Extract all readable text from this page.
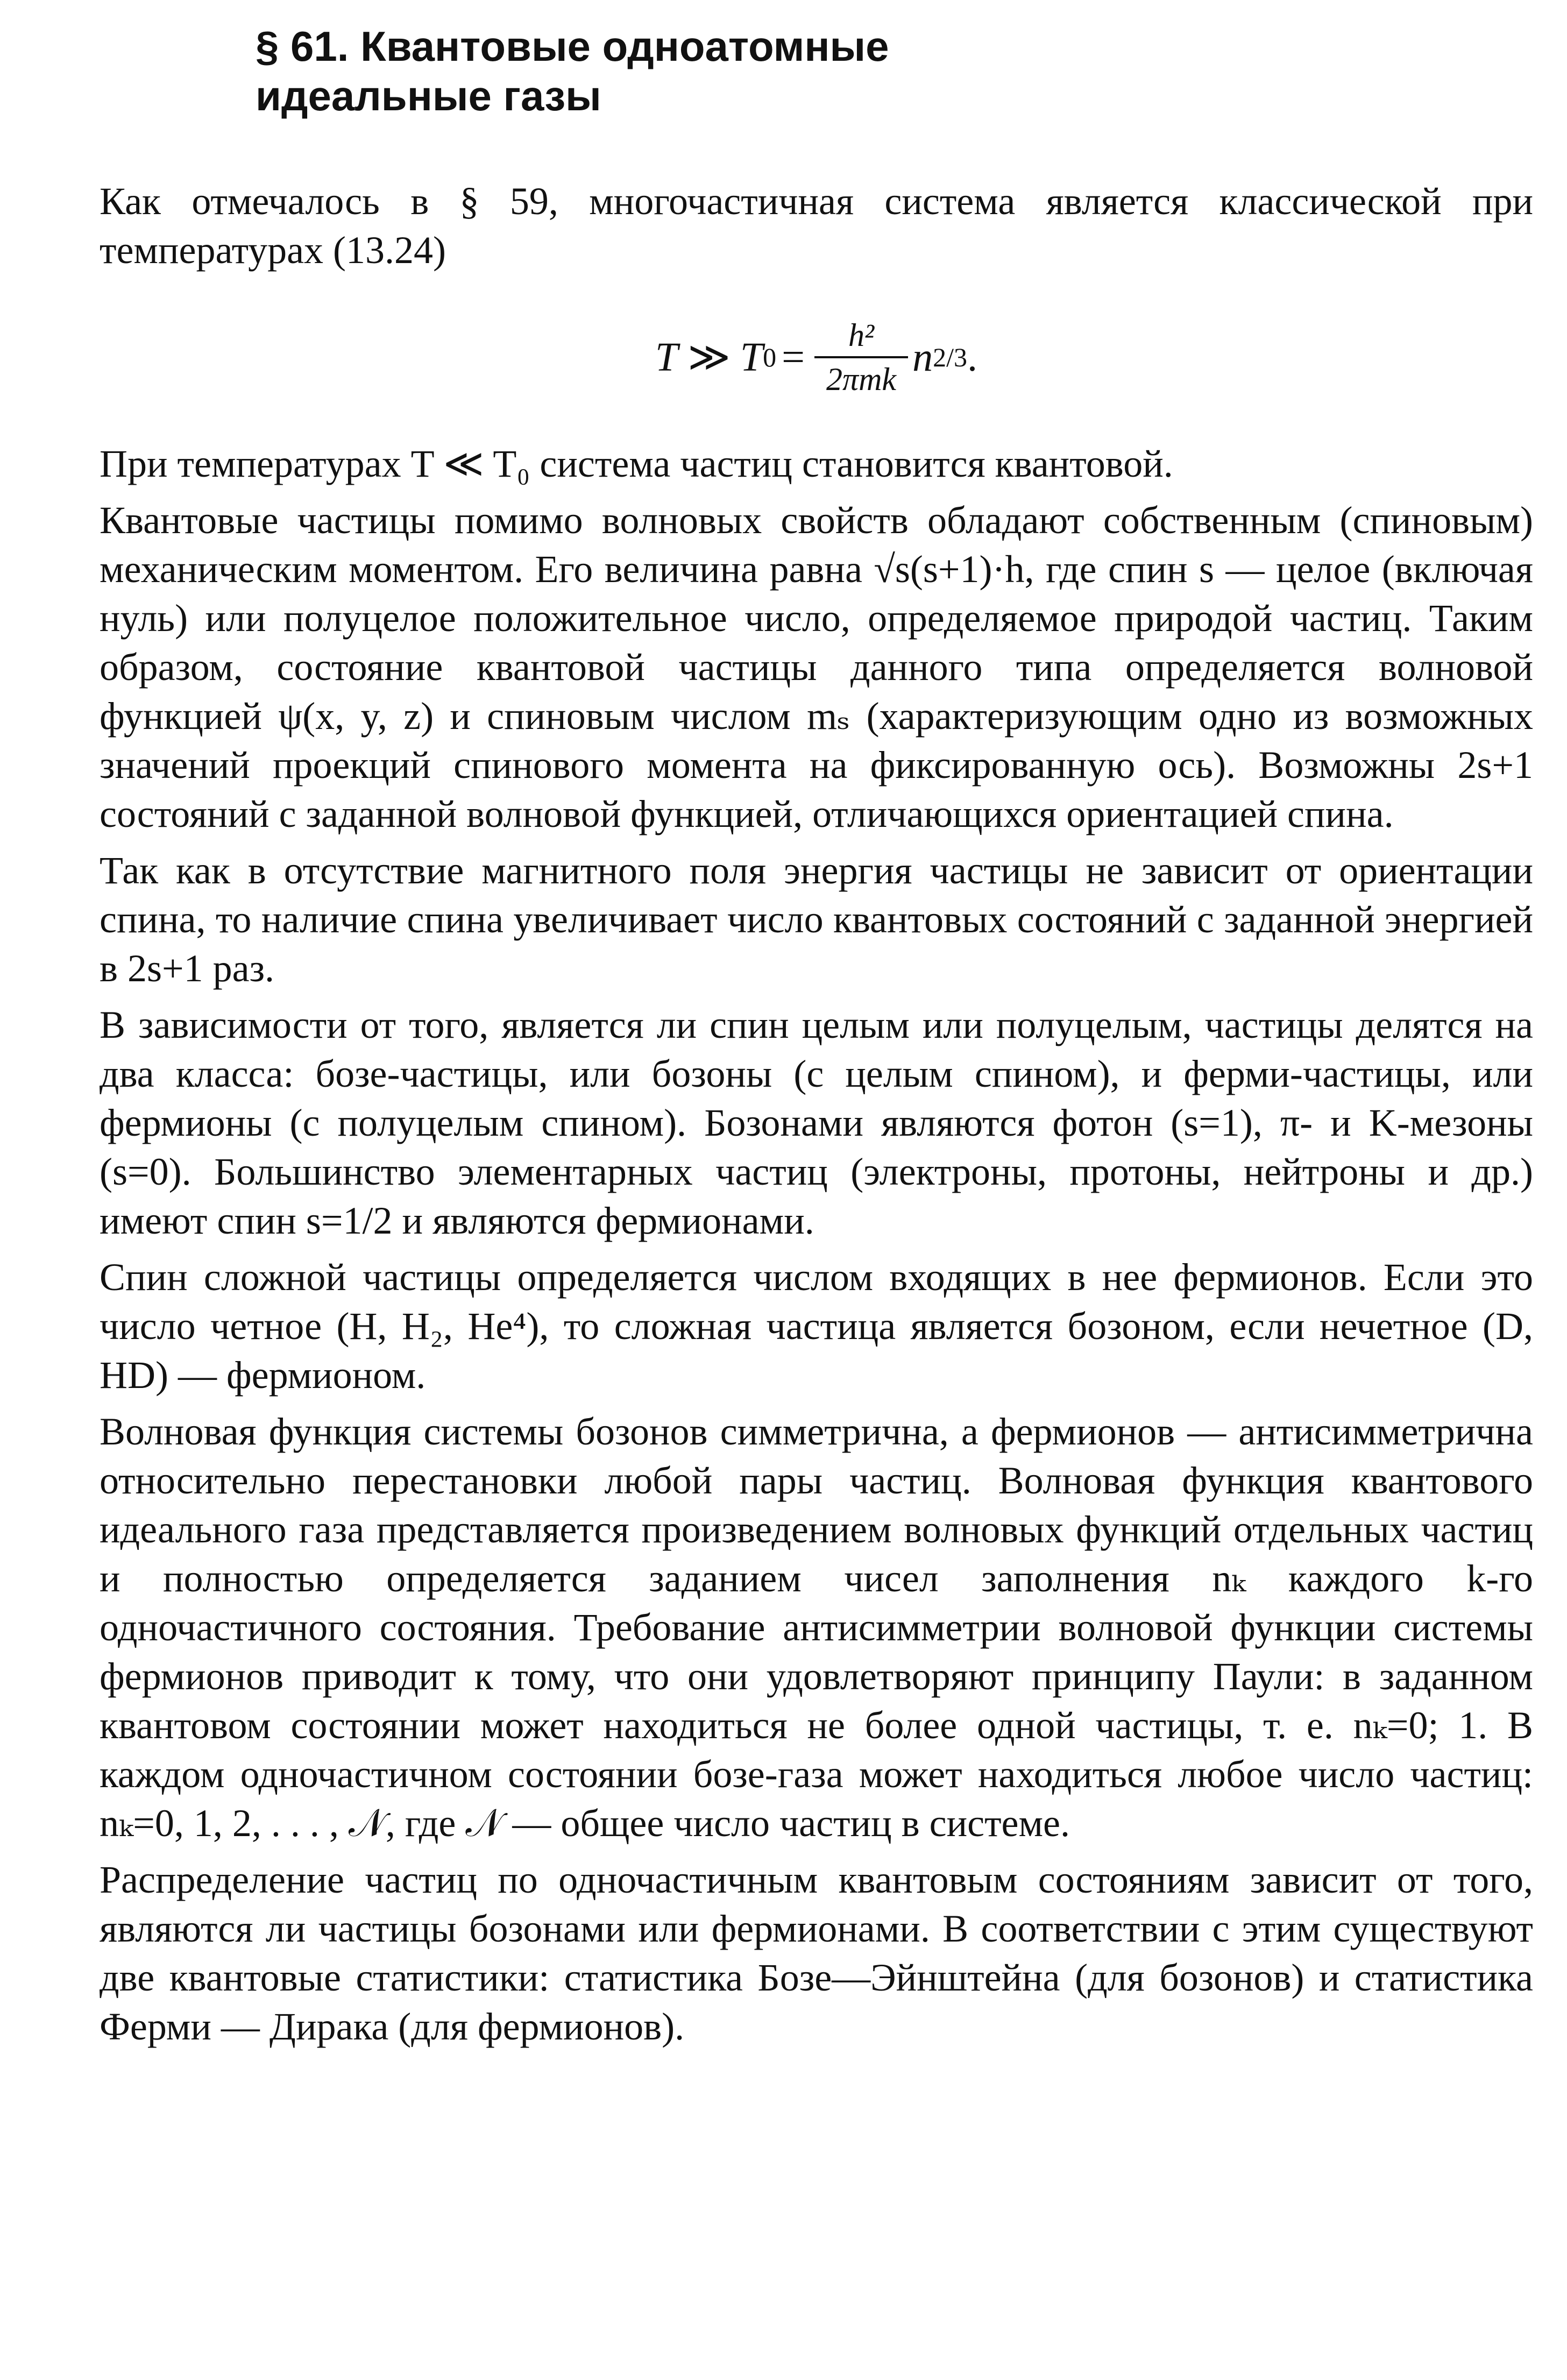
§ 61. Квантовые одноатомные
идеальные газы

Как отмечалось в § 59, многочастичная система является классической при температурах (13.24)

T ≫ T $0 = \frac{\text{h²}}{\text{2πmk}}$ n 2/3 .

При температурах T ≪ T₀ система частиц становится квантовой.

Квантовые частицы помимо волновых свойств обладают собственным (спиновым) механическим моментом. Его величина равна √s(s+1)·h, где спин s — целое (включая нуль) или полуцелое положительное число, определяемое природой частиц. Таким образом, состояние квантовой частицы данного типа определяется волновой функцией ψ(x, y, z) и спиновым числом mₛ (характеризующим одно из возможных значений проекций спинового момента на фиксированную ось). Возможны 2s+1 состояний с заданной волновой функцией, отличающихся ориентацией спина.

Так как в отсутствие магнитного поля энергия частицы не зависит от ориентации спина, то наличие спина увеличивает число квантовых состояний с заданной энергией в 2s+1 раз.

В зависимости от того, является ли спин целым или полуцелым, частицы делятся на два класса: бозе-частицы, или бозоны (с целым спином), и ферми-частицы, или фермионы (с полуцелым спином). Бозонами являются фотон (s=1), π- и K-мезоны (s=0). Большинство элементарных частиц (электроны, протоны, нейтроны и др.) имеют спин s=1/2 и являются фермионами.

Спин сложной частицы определяется числом входящих в нее фермионов. Если это число четное (H, H₂, He⁴), то сложная частица является бозоном, если нечетное (D, HD) — фермионом.

Волновая функция системы бозонов симметрична, а фермионов — антисимметрична относительно перестановки любой пары частиц. Волновая функция квантового идеального газа представляется произведением волновых функций отдельных частиц и полностью определяется заданием чисел заполнения nₖ каждого k-го одночастичного состояния. Требование антисимметрии волновой функции системы фермионов приводит к тому, что они удовлетворяют принципу Паули: в заданном квантовом состоянии может находиться не более одной частицы, т. е. nₖ=0; 1. В каждом одночастичном состоянии бозе-газа может находиться любое число частиц: nₖ=0, 1, 2, . . . , 𝒩, где 𝒩 — общее число частиц в системе.

Распределение частиц по одночастичным квантовым состояниям зависит от того, являются ли частицы бозонами или фермионами. В соответствии с этим существуют две квантовые статистики: статистика Бозе—Эйнштейна (для бозонов) и статистика Ферми — Дирака (для фермионов).
